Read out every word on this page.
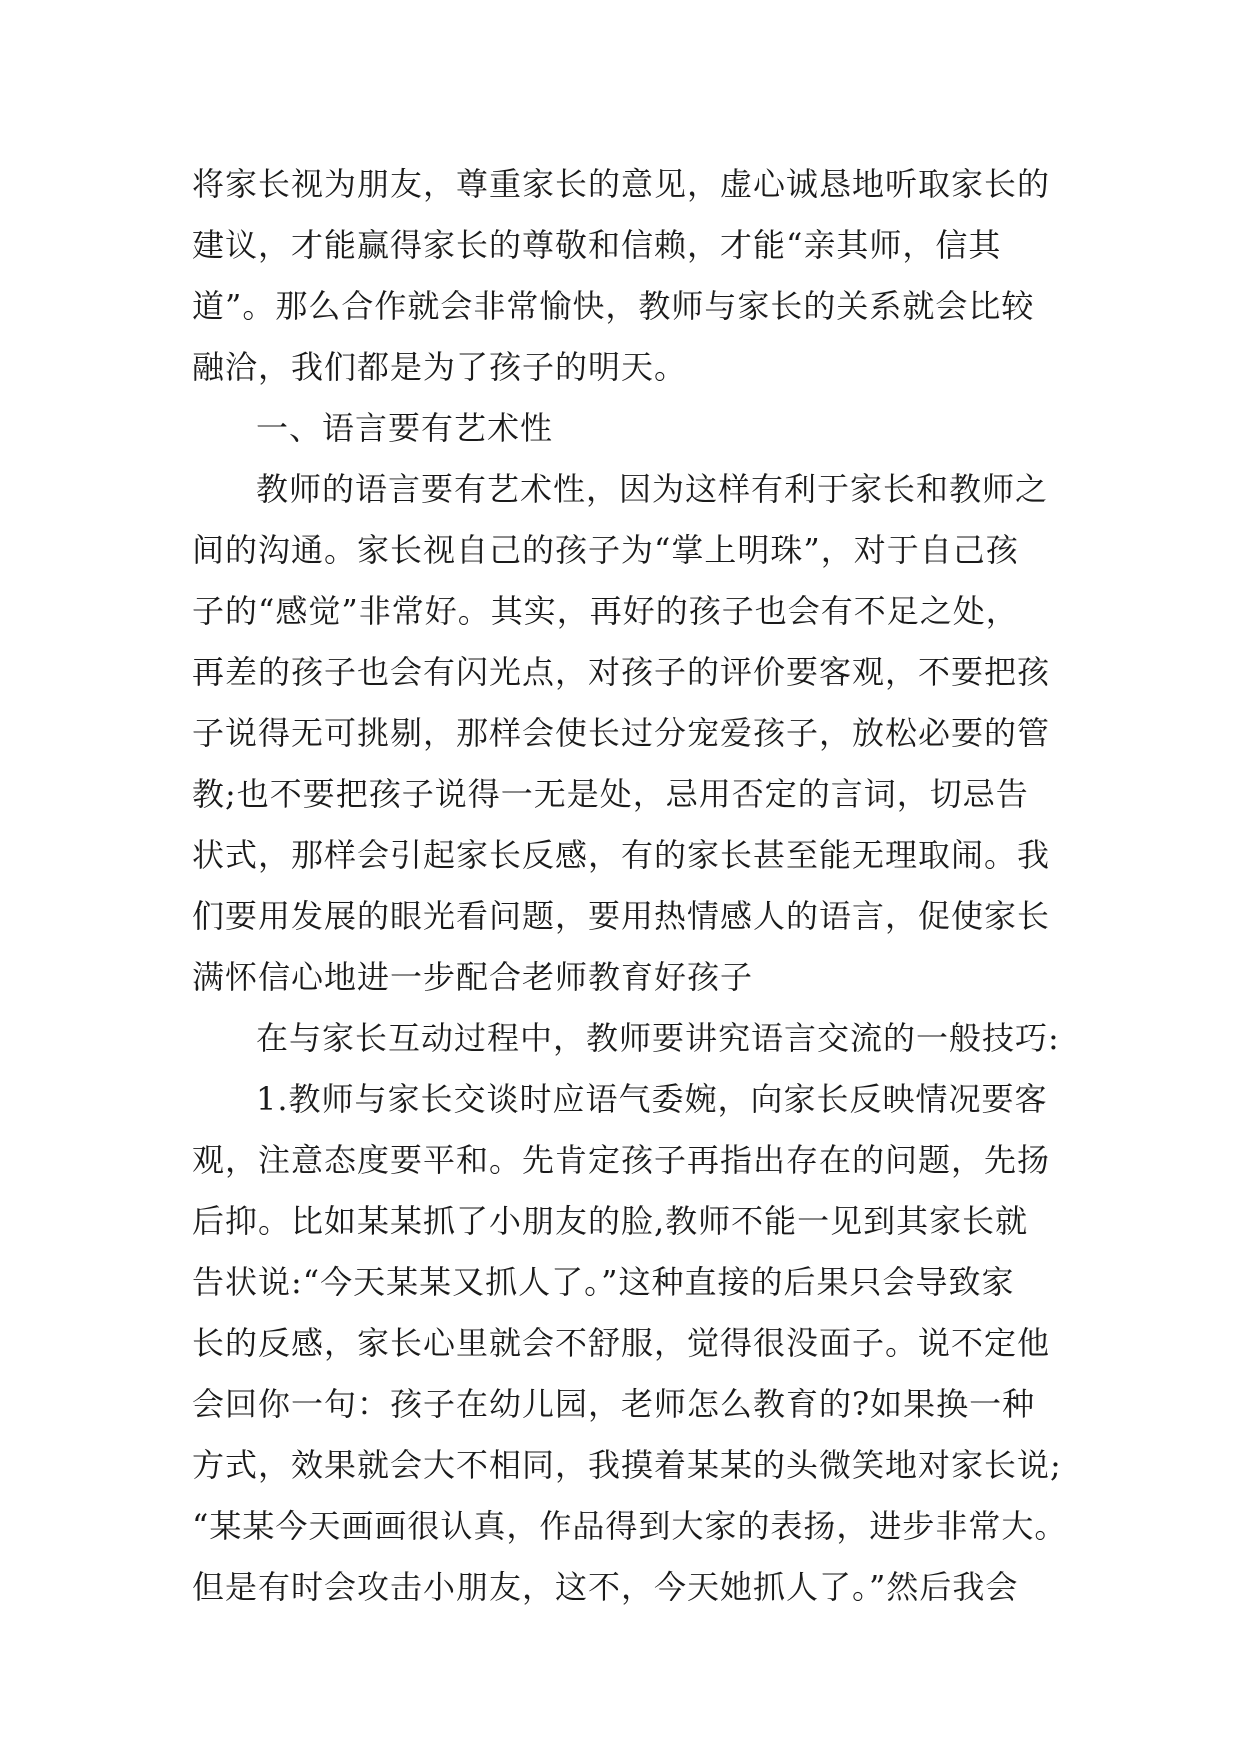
将家长视为朋友，尊重家长的意见，虚心诚恳地听取家长的
建议，才能赢得家长的尊敬和信赖，才能“亲其师，信其
道”。那么合作就会非常愉快，教师与家长的关系就会比较
融洽，我们都是为了孩子的明天。
一、语言要有艺术性
教师的语言要有艺术性，因为这样有利于家长和教师之
间的沟通。家长视自己的孩子为“掌上明珠”，对于自己孩
子的“感觉”非常好。其实，再好的孩子也会有不足之处，
再差的孩子也会有闪光点，对孩子的评价要客观，不要把孩
子说得无可挑剔，那样会使长过分宠爱孩子，放松必要的管
教;也不要把孩子说得一无是处，忌用否定的言词，切忌告
状式，那样会引起家长反感，有的家长甚至能无理取闹。我
们要用发展的眼光看问题，要用热情感人的语言，促使家长
满怀信心地进一步配合老师教育好孩子
在与家长互动过程中，教师要讲究语言交流的一般技巧:
1.教师与家长交谈时应语气委婉，向家长反映情况要客
观，注意态度要平和。先肯定孩子再指出存在的问题，先扬
后抑。比如某某抓了小朋友的脸,教师不能一见到其家长就
告状说:“今天某某又抓人了。”这种直接的后果只会导致家
长的反感，家长心里就会不舒服，觉得很没面子。说不定他
会回你一句：孩子在幼儿园，老师怎么教育的?如果换一种
方式，效果就会大不相同，我摸着某某的头微笑地对家长说;
“某某今天画画很认真，作品得到大家的表扬，进步非常大。
但是有时会攻击小朋友，这不，今天她抓人了。”然后我会
